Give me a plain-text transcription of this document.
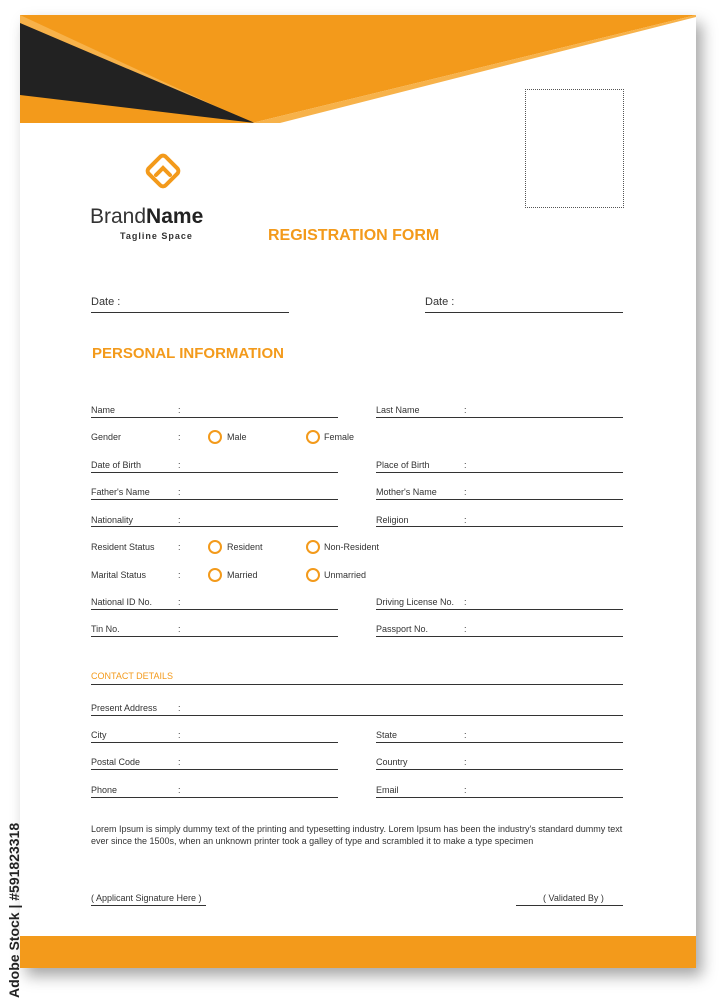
BrandName
Tagline Space	REGISTRATION FORM
Date :	Date :
PERSONAL INFORMATION
Name	:	Last Name	:
Gender	:	Male	Female
Date of Birth	:	Place of Birth	:
Father's Name	:	Mother's Name	:
Nationality	:	Religion	:
Resident Status	:	Resident	Non-Resident
Marital Status	:	Married	Unmarried
National ID No.	:	Driving License No. :
Tin No.	:	Passport No.	:
CONTACT DETAILS
Present Address :
City	:	State	:
Postal Code	:	Country	:
Phone	:	Email	:
Lorem Ipsum is simply dummy text of the printing and typesetting industry. Lorem Ipsum has been the industry's standard dummy text ever since the 1500s, when an unknown printer took a galley of type and scrambled it to make a type specimen
( Applicant Signature Here )	( Validated By )
Adobe Stock | #591823318
